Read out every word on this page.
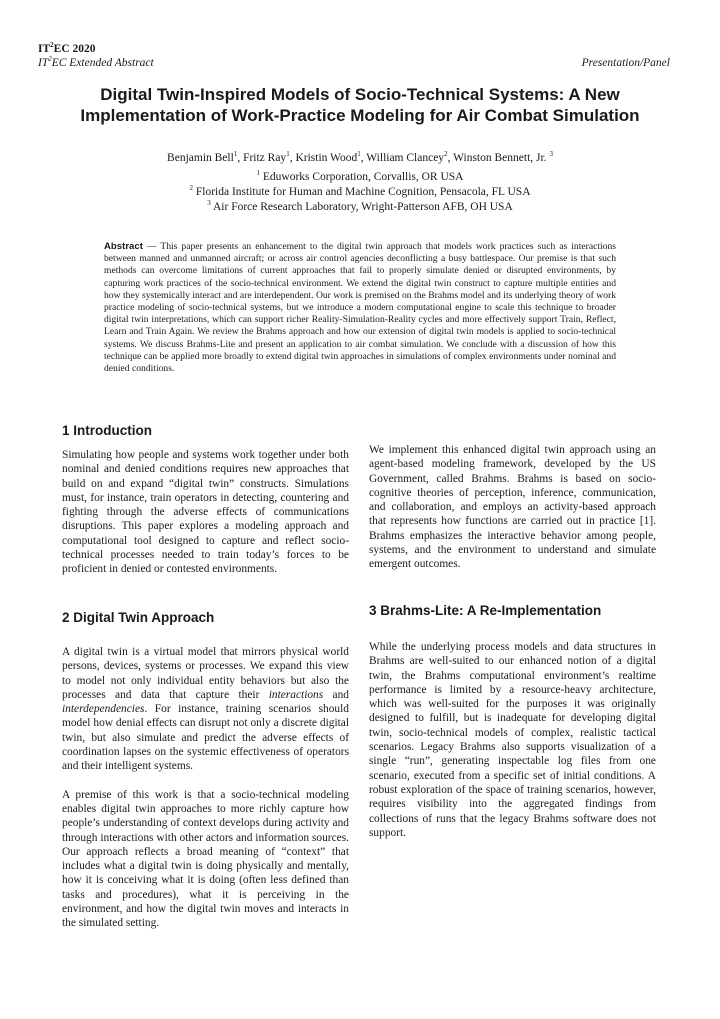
$IT^2EC$ 2020
$IT^2EC$ Extended Abstract	Presentation/Panel
Digital Twin-Inspired Models of Socio-Technical Systems: A New Implementation of Work-Practice Modeling for Air Combat Simulation
Benjamin Bell$^1$, Fritz Ray$^1$, Kristin Wood$^1$, William Clancey$^2$, Winston Bennett, Jr. $^3$
$^1$ Eduworks Corporation, Corvallis, OR USA
$^2$ Florida Institute for Human and Machine Cognition, Pensacola, FL USA
$^3$ Air Force Research Laboratory, Wright-Patterson AFB, OH USA
Abstract — This paper presents an enhancement to the digital twin approach that models work practices such as interactions between manned and unmanned aircraft; or across air control agencies deconflicting a busy battlespace. Our premise is that such methods can overcome limitations of current approaches that fail to properly simulate denied or disrupted environments, by capturing work practices of the socio-technical environment. We extend the digital twin construct to capture multiple entities and how they systemically interact and are interdependent. Our work is premised on the Brahms model and its underlying theory of work practice modeling of socio-technical systems, but we introduce a modern computational engine to scale this technique to broader digital twin interpretations, which can support richer Reality-Simulation-Reality cycles and more effectively support Train, Reflect, Learn and Train Again. We review the Brahms approach and how our extension of digital twin models is applied to socio-technical systems. We discuss Brahms-Lite and present an application to air combat simulation. We conclude with a discussion of how this technique can be applied more broadly to extend digital twin approaches in simulations of complex environments under nominal and denied conditions.
1 Introduction

Simulating how people and systems work together under both nominal and denied conditions requires new approaches that build on and expand “digital twin” constructs. Simulations must, for instance, train operators in detecting, countering and fighting through the adverse effects of communications disruptions. This paper explores a modeling approach and computational tool designed to capture and reflect socio-technical processes needed to train today’s forces to be proficient in denied or contested environments.

2 Digital Twin Approach

A digital twin is a virtual model that mirrors physical world persons, devices, systems or processes. We expand this view to model not only individual entity behaviors but also the processes and data that capture their interactions and interdependencies. For instance, training scenarios should model how denial effects can disrupt not only a discrete digital twin, but also simulate and predict the adverse effects of coordination lapses on the systemic effectiveness of operators and their intelligent systems.

A premise of this work is that a socio-technical modeling enables digital twin approaches to more richly capture how people’s understanding of context develops during activity and through interactions with other actors and information sources. Our approach reflects a broad meaning of “context” that includes what a digital twin is doing physically and mentally, how it is conceiving what it is doing (often less defined than tasks and procedures), what it is perceiving in the environment, and how the digital twin moves and interacts in the simulated setting.

We implement this enhanced digital twin approach using an agent-based modeling framework, developed by the US Government, called Brahms. Brahms is based on socio-cognitive theories of perception, inference, communication, and collaboration, and employs an activity-based approach that represents how functions are carried out in practice [1]. Brahms emphasizes the interactive behavior among people, systems, and the environment to understand and simulate emergent outcomes.

3 Brahms-Lite: A Re-Implementation

While the underlying process models and data structures in Brahms are well-suited to our enhanced notion of a digital twin, the Brahms computational environment’s realtime performance is limited by a resource-heavy architecture, which was well-suited for the purposes it was originally designed to fulfill, but is inadequate for developing digital twin, socio-technical models of complex, realistic tactical scenarios. Legacy Brahms also supports visualization of a single “run”, generating inspectable log files from one scenario, executed from a specific set of initial conditions. A robust exploration of the space of training scenarios, however, requires visibility into the aggregated findings from collections of runs that the legacy Brahms software does not support.
